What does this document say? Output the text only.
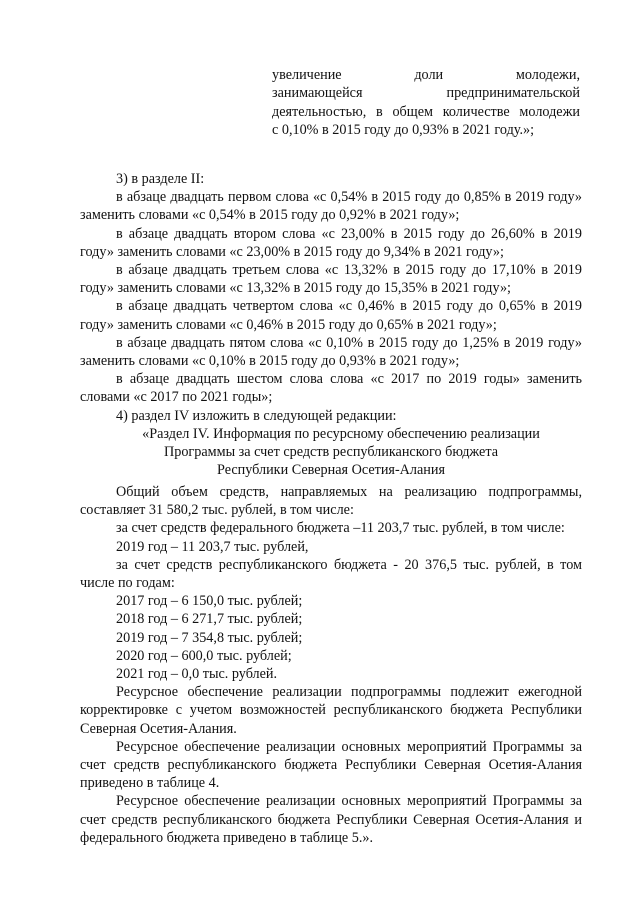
увеличение доли молодежи,

занимающейся предпринимательской

деятельностью, в общем количестве молодежи

с 0,10% в 2015 году до 0,93% в 2021 году.»;

3) в разделе II:

в абзаце двадцать первом слова «с 0,54% в 2015 году до 0,85% в 2019 году» заменить словами «с 0,54% в 2015 году до 0,92% в 2021 году»;

в абзаце двадцать втором слова «с 23,00% в 2015 году до 26,60% в 2019 году» заменить словами «с 23,00% в 2015 году до 9,34% в 2021 году»;

в абзаце двадцать третьем слова «с 13,32% в 2015 году до 17,10% в 2019 году» заменить словами «с 13,32% в 2015 году до 15,35% в 2021 году»;

в абзаце двадцать четвертом слова «с 0,46% в 2015 году до 0,65% в 2019 году» заменить словами «с 0,46% в 2015 году до 0,65% в 2021 году»;

в абзаце двадцать пятом слова «с 0,10% в 2015 году до 1,25% в 2019 году» заменить словами «с 0,10% в 2015 году до 0,93% в 2021 году»;

в абзаце двадцать шестом слова слова «с 2017 по 2019 годы» заменить словами «с 2017 по 2021 годы»;

4) раздел IV изложить в следующей редакции:

«Раздел IV. Информация по ресурсному обеспечению реализации

Программы за счет средств республиканского бюджета

Республики Северная Осетия-Алания

Общий объем средств, направляемых на реализацию подпрограммы, составляет 31 580,2 тыс. рублей, в том числе:

за счет средств федерального бюджета –11 203,7 тыс. рублей, в том числе:

2019 год – 11 203,7 тыс. рублей,

за счет средств республиканского бюджета - 20 376,5 тыс. рублей, в том числе по годам:

2017 год – 6 150,0 тыс. рублей;

2018 год – 6 271,7 тыс. рублей;

2019 год – 7 354,8 тыс. рублей;

2020 год – 600,0 тыс. рублей;

2021 год – 0,0 тыс. рублей.

Ресурсное обеспечение реализации подпрограммы подлежит ежегодной корректировке с учетом возможностей республиканского бюджета Республики Северная Осетия-Алания.

Ресурсное обеспечение реализации основных мероприятий Программы за счет средств республиканского бюджета Республики Северная Осетия-Алания приведено в таблице 4.

Ресурсное обеспечение реализации основных мероприятий Программы за счет средств республиканского бюджета Республики Северная Осетия-Алания и федерального бюджета приведено в таблице 5.».
